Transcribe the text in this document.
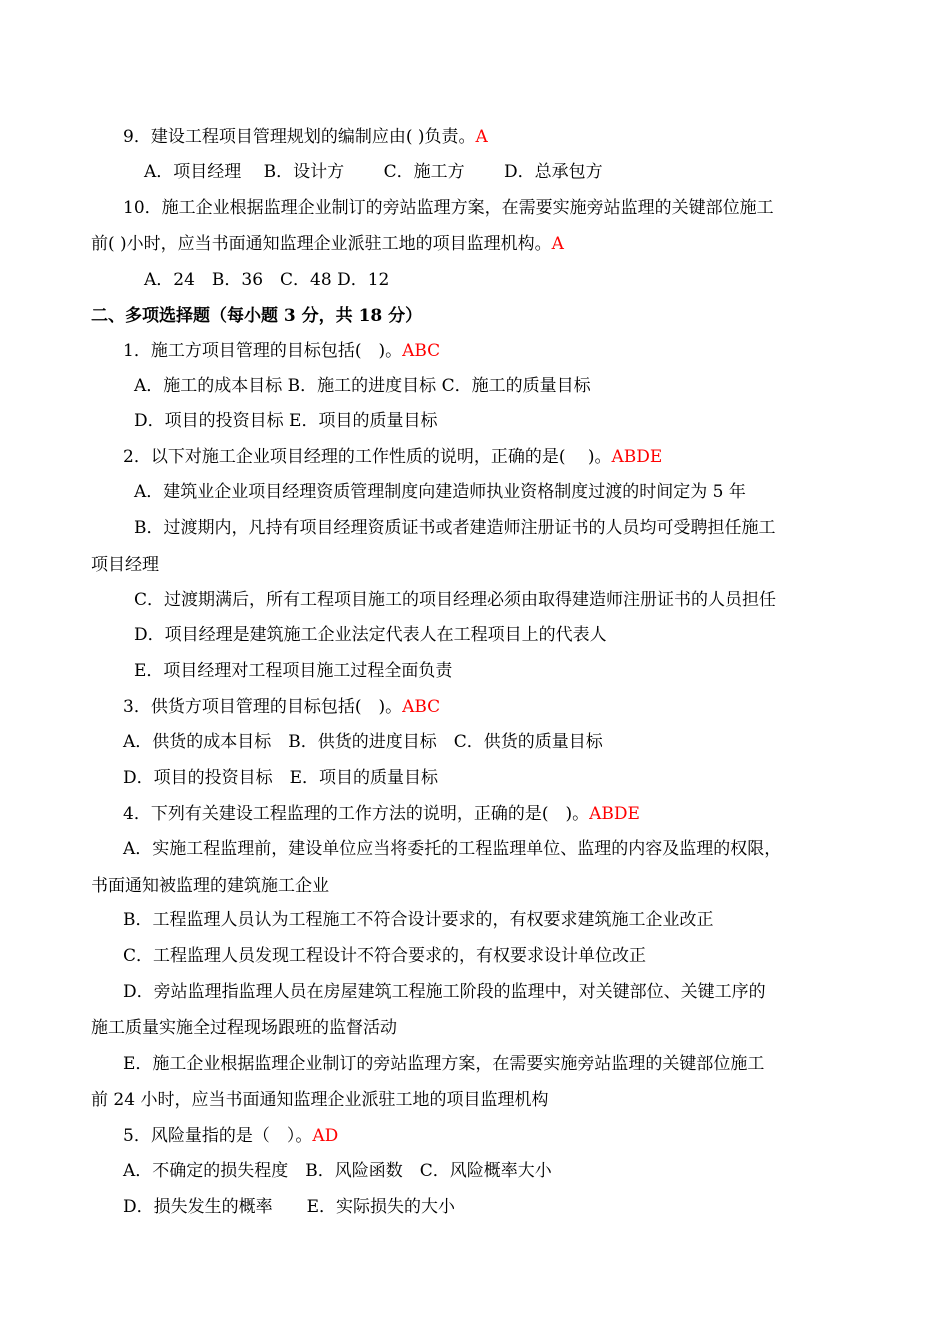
9．建设工程项目管理规划的编制应由( )负责。A
A．项目经理 　B．设计方 　　C．施工方 　　D．总承包方
10．施工企业根据监理企业制订的旁站监理方案，在需要实施旁站监理的关键部位施工
前( )小时，应当书面通知监理企业派驻工地的项目监理机构。A
A．24　B．36　C．48 D．12
二、多项选择题（每小题 3 分，共 18 分）
1．施工方项目管理的目标包括(　)。ABC
A．施工的成本目标 B．施工的进度目标 C．施工的质量目标
D．项目的投资目标 E．项目的质量目标
2．以下对施工企业项目经理的工作性质的说明，正确的是(　 )。ABDE
A．建筑业企业项目经理资质管理制度向建造师执业资格制度过渡的时间定为 5 年
B．过渡期内，凡持有项目经理资质证书或者建造师注册证书的人员均可受聘担任施工
项目经理
C．过渡期满后，所有工程项目施工的项目经理必须由取得建造师注册证书的人员担任
D．项目经理是建筑施工企业法定代表人在工程项目上的代表人
E．项目经理对工程项目施工过程全面负责
3．供货方项目管理的目标包括(　)。ABC
A．供货的成本目标　B．供货的进度目标　C．供货的质量目标
D．项目的投资目标　E．项目的质量目标
4．下列有关建设工程监理的工作方法的说明，正确的是(　)。ABDE
A．实施工程监理前，建设单位应当将委托的工程监理单位、监理的内容及监理的权限，
书面通知被监理的建筑施工企业
B．工程监理人员认为工程施工不符合设计要求的，有权要求建筑施工企业改正
C．工程监理人员发现工程设计不符合要求的，有权要求设计单位改正
D．旁站监理指监理人员在房屋建筑工程施工阶段的监理中，对关键部位、关键工序的
施工质量实施全过程现场跟班的监督活动
E．施工企业根据监理企业制订的旁站监理方案，在需要实施旁站监理的关键部位施工
前 24 小时，应当书面通知监理企业派驻工地的项目监理机构
5．风险量指的是（　）。AD
A．不确定的损失程度　B．风险函数　C．风险概率大小
D．损失发生的概率　　E．实际损失的大小
